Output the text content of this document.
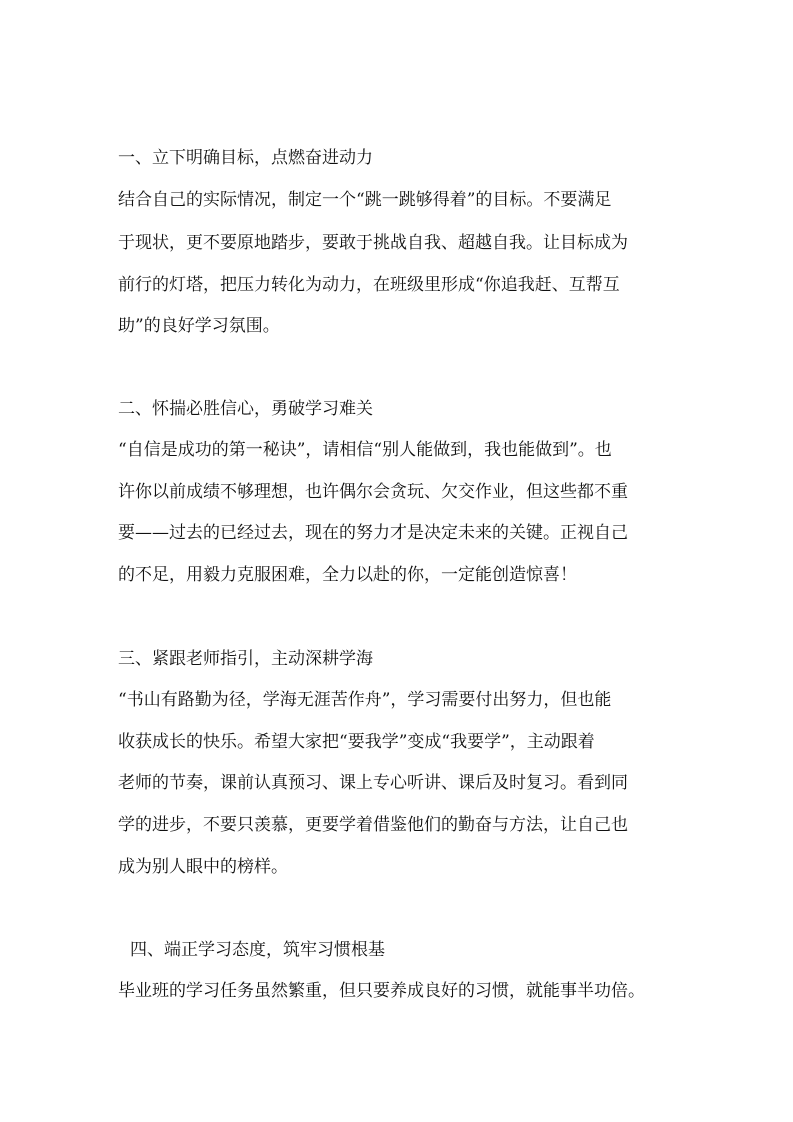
一、立下明确目标，点燃奋进动力
结合自己的实际情况，制定一个“跳一跳够得着”的目标。不要满足
于现状，更不要原地踏步，要敢于挑战自我、超越自我。让目标成为
前行的灯塔，把压力转化为动力，在班级里形成“你追我赶、互帮互
助”的良好学习氛围。
二、怀揣必胜信心，勇破学习难关
“自信是成功的第一秘诀”，请相信“别人能做到，我也能做到”。也
许你以前成绩不够理想，也许偶尔会贪玩、欠交作业，但这些都不重
要——过去的已经过去，现在的努力才是决定未来的关键。正视自己
的不足，用毅力克服困难，全力以赴的你，一定能创造惊喜！
三、紧跟老师指引，主动深耕学海
“书山有路勤为径，学海无涯苦作舟”，学习需要付出努力，但也能
收获成长的快乐。希望大家把“要我学”变成“我要学”，主动跟着
老师的节奏，课前认真预习、课上专心听讲、课后及时复习。看到同
学的进步，不要只羡慕，更要学着借鉴他们的勤奋与方法，让自己也
成为别人眼中的榜样。
四、端正学习态度，筑牢习惯根基
毕业班的学习任务虽然繁重，但只要养成良好的习惯，就能事半功倍。
